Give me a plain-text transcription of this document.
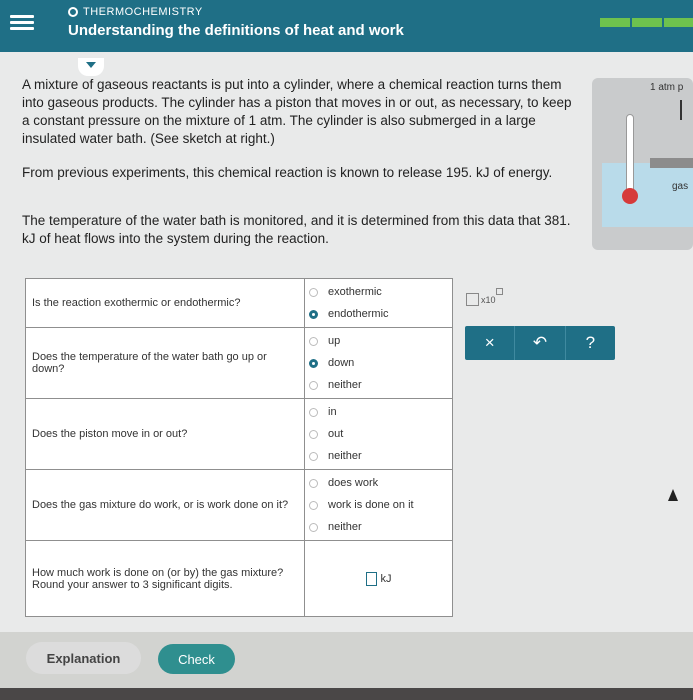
THERMOCHEMISTRY
Understanding the definitions of heat and work

A mixture of gaseous reactants is put into a cylinder, where a chemical reaction turns them into gaseous products. The cylinder has a piston that moves in or out, as necessary, to keep a constant pressure on the mixture of 1 atm. The cylinder is also submerged in a large insulated water bath. (See sketch at right.)

From previous experiments, this chemical reaction is known to release 195. kJ of energy.

The temperature of the water bath is monitored, and it is determined from this data that 381. kJ of heat flows into the system during the reaction.

1 atm p
gas
Is the reaction exothermic or endothermic?	exothermic
endothermic

Does the temperature of the water bath go up or down?	up
down
neither

Does the piston move in or out?	in
out
neither

Does the gas mixture do work, or is work done on it?	does work
work is done on it
neither

How much work is done on (or by) the gas mixture? Round your answer to 3 significant digits.	kJ
x10
×	↶	?
Explanation	Check
